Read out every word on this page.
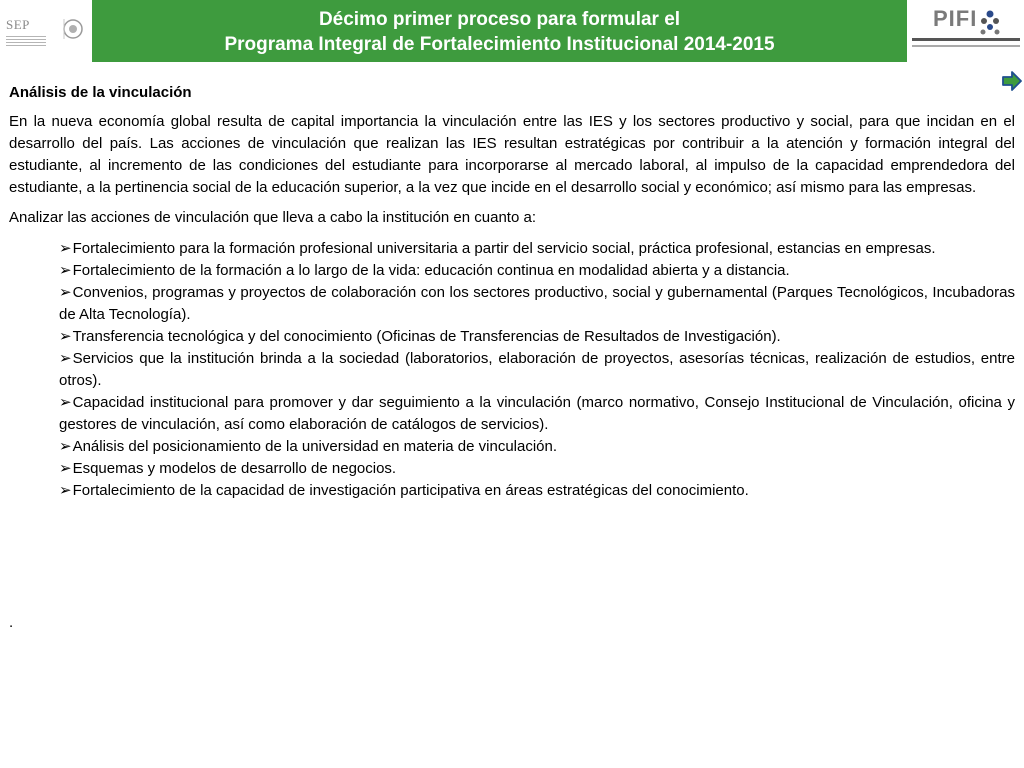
SEP	Décimo primer proceso para formular el
Programa Integral de Fortalecimiento Institucional 2014-2015
PIFI

Análisis de la vinculación

En la nueva economía global resulta de capital importancia la vinculación entre las IES y los sectores productivo y social, para que incidan en el desarrollo del país. Las acciones de vinculación que realizan las IES resultan estratégicas por contribuir a la atención y formación integral del estudiante, al incremento de las condiciones del estudiante para incorporarse al mercado laboral, al impulso de la capacidad emprendedora del estudiante, a la pertinencia social de la educación superior, a la vez que incide en el desarrollo social y económico; así mismo para las empresas.

Analizar las acciones de vinculación que lleva a cabo la institución en cuanto a:

➢Fortalecimiento para la formación profesional universitaria a partir del servicio social, práctica profesional, estancias en empresas.
➢Fortalecimiento de la formación a lo largo de la vida: educación continua en modalidad abierta y a distancia.
➢Convenios, programas y proyectos de colaboración con los sectores productivo, social y gubernamental (Parques Tecnológicos, Incubadoras de Alta Tecnología).
➢Transferencia tecnológica y del conocimiento (Oficinas de Transferencias de Resultados de Investigación).
➢Servicios que la institución brinda a la sociedad (laboratorios, elaboración de proyectos, asesorías técnicas, realización de estudios, entre otros).
➢Capacidad institucional para promover y dar seguimiento a la vinculación (marco normativo, Consejo Institucional de Vinculación, oficina y gestores de vinculación, así como elaboración de catálogos de servicios).
➢Análisis del posicionamiento de la universidad en materia de vinculación.
➢Esquemas y modelos de desarrollo de negocios.
➢Fortalecimiento de la capacidad de investigación participativa en áreas estratégicas del conocimiento.
.
